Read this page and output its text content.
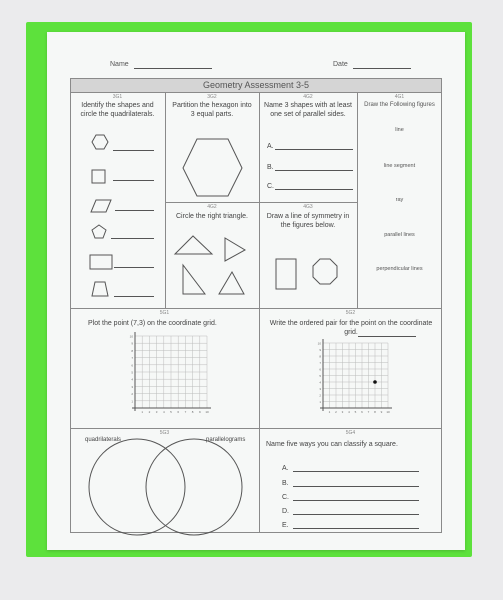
Name	Date
Geometry Assessment 3-5
3G1
Identify the shapes and circle the quadrilaterals.
3G2
Partition the hexagon into 3 equal parts.
4G2
Name 3 shapes with at least one set of parallel sides.
A.
B.
C.
4G1
Draw the Following figures
line
line segment
ray
parallel lines
perpendicular lines
4G2
Circle the right triangle.
4G3
Draw a line of symmetry in the figures below.
5G1
Plot the point (7,3) on the coordinate grid.
10
9
8
7
6
5
4
3
2
1
1 2 3 4 5 6 7 8 9 10
5G2
Write the ordered pair for the point on the coordinate grid.
10
9
8
7
6
5
4
3
2
1
1 2 3 4 5 6 7 8 9 10
5G3
quadrilaterals	parallelograms
5G4
Name five ways you can classify a square.
A.
B.
C.
D.
E.
